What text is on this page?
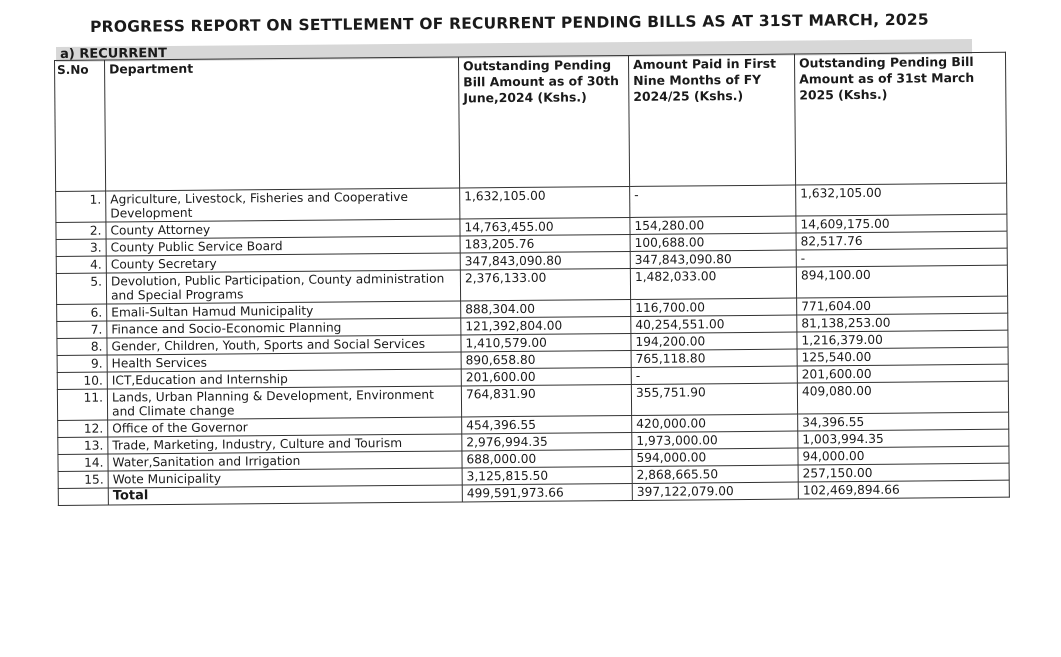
PROGRESS REPORT ON SETTLEMENT OF RECURRENT PENDING BILLS AS AT 31ST MARCH, 2025
a) RECURRENT
S.No	Department	Outstanding Pending Bill Amount as of 30th June,2024 (Kshs.)	Amount Paid in First Nine Months of FY 2024/25 (Kshs.)	Outstanding Pending Bill Amount as of 31st March 2025 (Kshs.)
1.	Agriculture, Livestock, Fisheries and Cooperative Development	1,632,105.00	-	1,632,105.00
2.	County Attorney	14,763,455.00	154,280.00	14,609,175.00
3.	County Public Service Board	183,205.76	100,688.00	82,517.76
4.	County Secretary	347,843,090.80	347,843,090.80	-
5.	Devolution, Public Participation, County administration and Special Programs	2,376,133.00	1,482,033.00	894,100.00
6.	Emali-Sultan Hamud Municipality	888,304.00	116,700.00	771,604.00
7.	Finance and Socio-Economic Planning	121,392,804.00	40,254,551.00	81,138,253.00
8.	Gender, Children, Youth, Sports and Social Services	1,410,579.00	194,200.00	1,216,379.00
9.	Health Services	890,658.80	765,118.80	125,540.00
10.	ICT,Education and Internship	201,600.00	-	201,600.00
11.	Lands, Urban Planning & Development, Environment and Climate change	764,831.90	355,751.90	409,080.00
12.	Office of the Governor	454,396.55	420,000.00	34,396.55
13.	Trade, Marketing, Industry, Culture and Tourism	2,976,994.35	1,973,000.00	1,003,994.35
14.	Water,Sanitation and Irrigation	688,000.00	594,000.00	94,000.00
15.	Wote Municipality	3,125,815.50	2,868,665.50	257,150.00
	Total	499,591,973.66	397,122,079.00	102,469,894.66
